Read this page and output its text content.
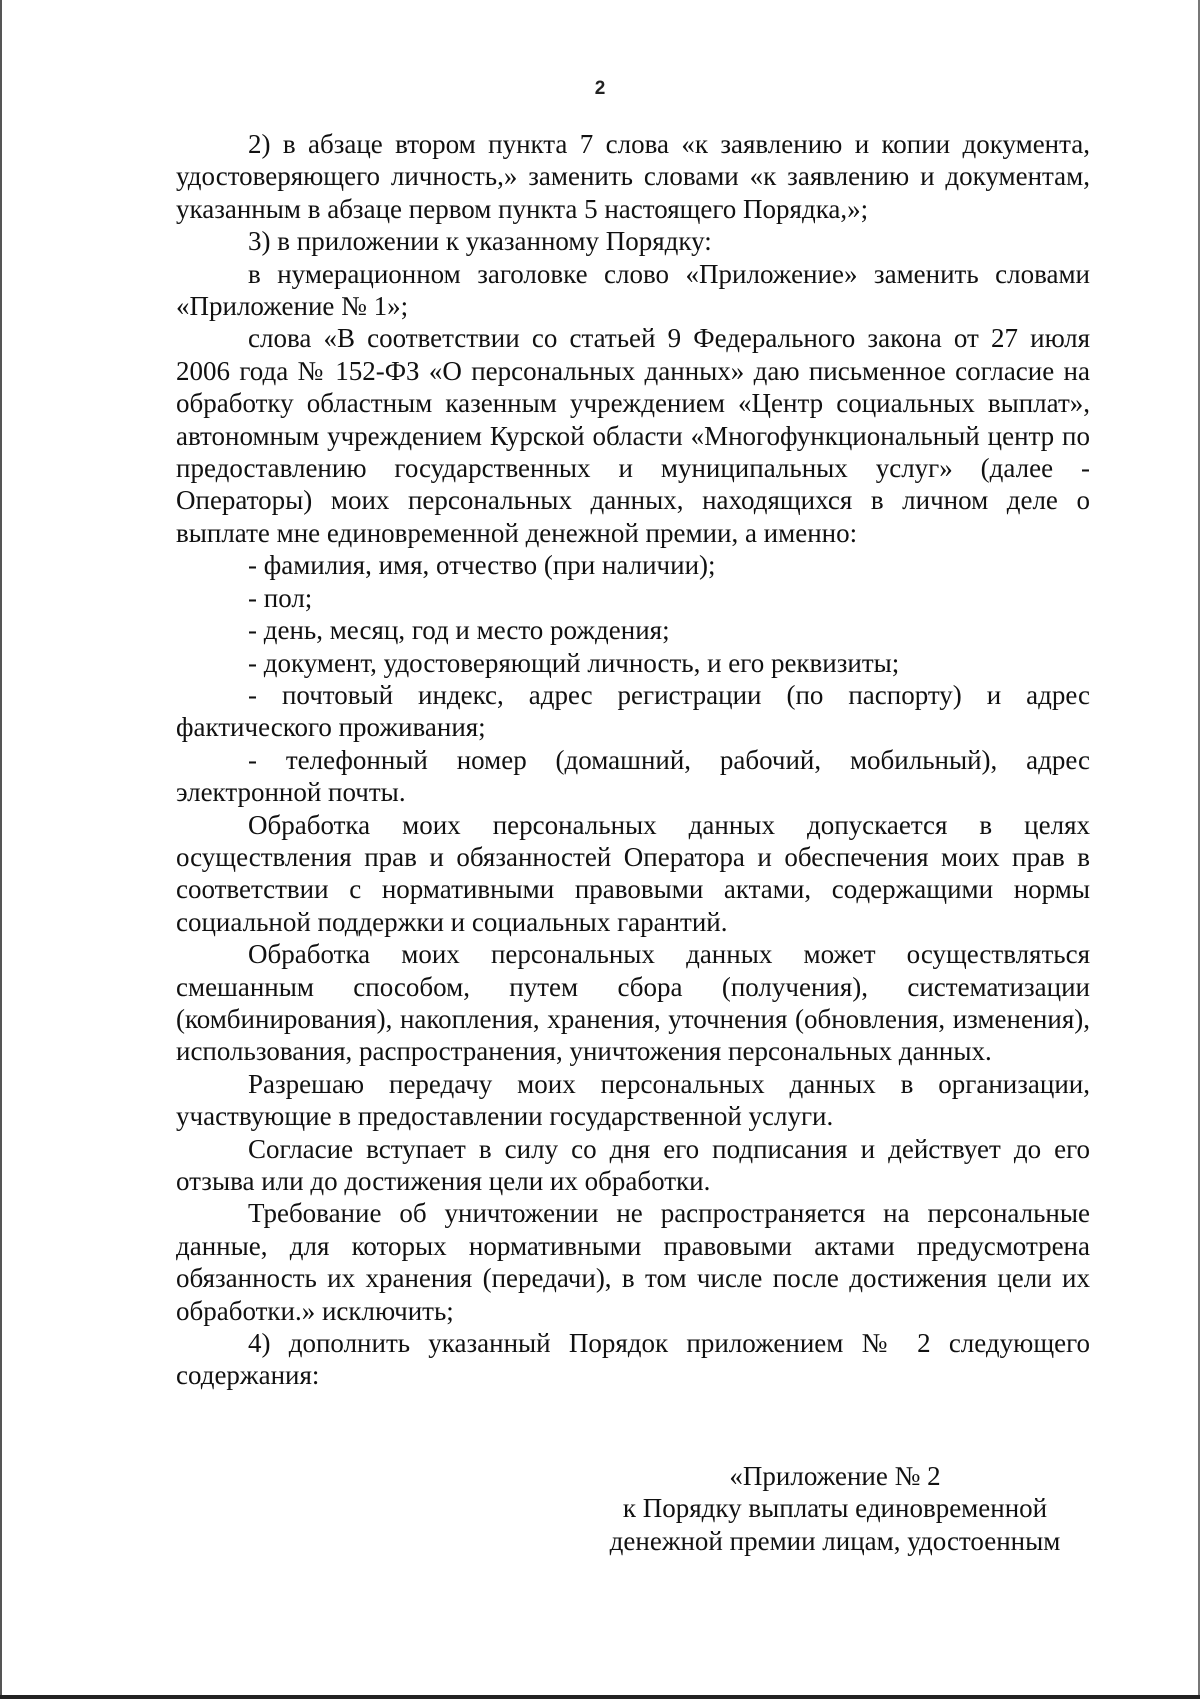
2

2) в абзаце втором пункта 7 слова «к заявлению и копии документа, удостоверяющего личность,» заменить словами «к заявлению и документам, указанным в абзаце первом пункта 5 настоящего Порядка,»;

3) в приложении к указанному Порядку:

в нумерационном заголовке слово «Приложение» заменить словами «Приложение № 1»;

слова «В соответствии со статьей 9 Федерального закона от 27 июля 2006 года № 152-ФЗ «О персональных данных» даю письменное согласие на обработку областным казенным учреждением «Центр социальных выплат», автономным учреждением Курской области «Многофункциональный центр по предоставлению государственных и муниципальных услуг» (далее - Операторы) моих персональных данных, находящихся в личном деле о выплате мне единовременной денежной премии, а именно:

- фамилия, имя, отчество (при наличии);

- пол;

- день, месяц, год и место рождения;

- документ, удостоверяющий личность, и его реквизиты;

- почтовый индекс, адрес регистрации (по паспорту) и адрес фактического проживания;

- телефонный номер (домашний, рабочий, мобильный), адрес электронной почты.

Обработка моих персональных данных допускается в целях осуществления прав и обязанностей Оператора и обеспечения моих прав в соответствии с нормативными правовыми актами, содержащими нормы социальной поддержки и социальных гарантий.

Обработка моих персональных данных может осуществляться смешанным способом, путем сбора (получения), систематизации (комбинирования), накопления, хранения, уточнения (обновления, изменения), использования, распространения, уничтожения персональных данных.

Разрешаю передачу моих персональных данных в организации, участвующие в предоставлении государственной услуги.

Согласие вступает в силу со дня его подписания и действует до его отзыва или до достижения цели их обработки.

Требование об уничтожении не распространяется на персональные данные, для которых нормативными правовыми актами предусмотрена обязанность их хранения (передачи), в том числе после достижения цели их обработки.» исключить;

4) дополнить указанный Порядок приложением № 2 следующего содержания:

«Приложение № 2
к Порядку выплаты единовременной
денежной премии лицам, удостоенным
